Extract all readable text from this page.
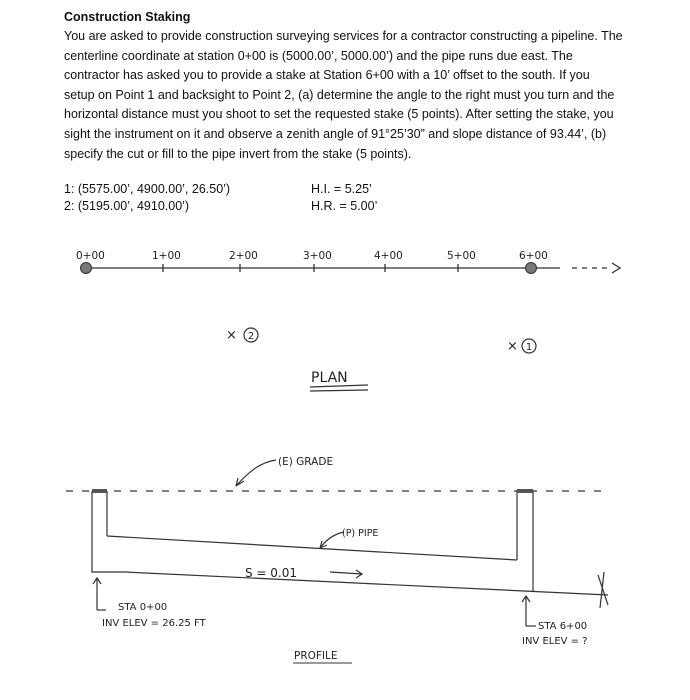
Construction Staking

You are asked to provide construction surveying services for a contractor constructing a pipeline. The

centerline coordinate at station 0+00 is (5000.00’, 5000.00’) and the pipe runs due east. The

contractor has asked you to provide a stake at Station 6+00 with a 10’ offset to the south. If you

setup on Point 1 and backsight to Point 2, (a) determine the angle to the right must you turn and the

horizontal distance must you shoot to set the requested stake (5 points). After setting the stake, you

sight the instrument on it and observe a zenith angle of 91°25’30” and slope distance of 93.44’, (b)

specify the cut or fill to the pipe invert from the stake (5 points).

1: (5575.00’, 4900.00’, 26.50’)
2: (5195.00’, 4910.00’)
H.I. = 5.25’
H.R. = 5.00’
0+00	1+00	2+00	3+00	4+00	5+00	6+00
× 2
× 1
PLAN
(E) GRADE
(P) PIPE
S = 0.01
STA 0+00
INV ELEV = 26.25 FT	STA 6+00
INV ELEV = ?
PROFILE
